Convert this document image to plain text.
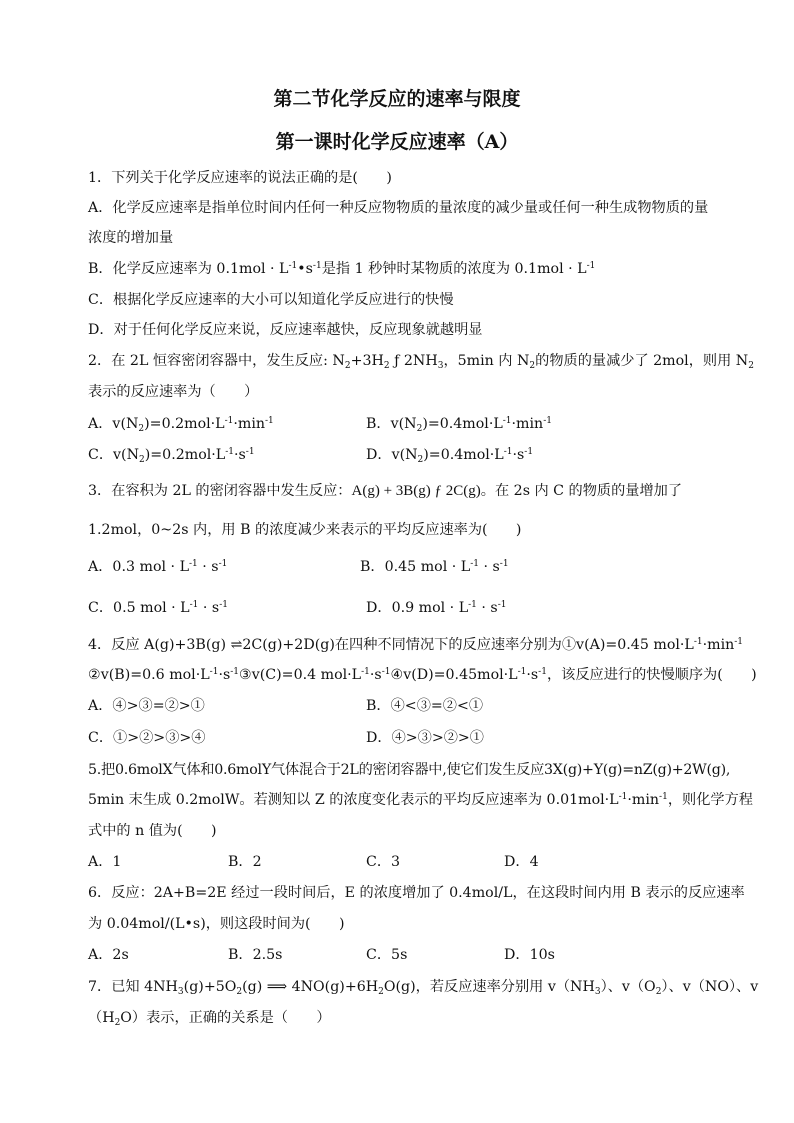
第二节化学反应的速率与限度
第一课时化学反应速率（A）
1．下列关于化学反应速率的说法正确的是(　　)
A．化学反应速率是指单位时间内任何一种反应物物质的量浓度的减少量或任何一种生成物物质的量
浓度的增加量
B．化学反应速率为 $0.1mol \cdot L^{-1}•s^{-1}$是指 1 秒钟时某物质的浓度为 $0.1mol \cdot L^{-1}$
C．根据化学反应速率的大小可以知道化学反应进行的快慢
D．对于任何化学反应来说，反应速率越快，反应现象就越明显
2．在 2L 恒容密闭容器中，发生反应: $N_2+3H_2$ ƒ $2NH_3$，5min 内 $N_2$的物质的量减少了 2mol，则用 $N_2$
表示的反应速率为（　　）
A．$v(N_2)=0.2mol\cdot L^{-1}\cdot\min^{-1}$	B．$v(N_2)=0.4mol\cdot L^{-1}\cdot\min^{-1}$
C．$v(N_2)=0.2mol\cdot L^{-1}\cdot s^{-1}$	D．$v(N_2)=0.4mol\cdot L^{-1}\cdot s^{-1}$
3．在容积为 2L 的密闭容器中发生反应：A(g) + 3B(g) ƒ 2C(g)。在 2s 内 C 的物质的量增加了
1.2mol，0~2s 内，用 B 的浓度减少来表示的平均反应速率为(　　)
A．0.3 mol · $L^{-1} \cdot s^{-1}$	B．0.45 mol · $L^{-1} \cdot s^{-1}$
C．0.5 mol · $L^{-1} \cdot s^{-1}$	D．0.9 mol · $L^{-1} \cdot s^{-1}$
4．反应 A(g)+3B(g) ⇌2C(g)+2D(g)在四种不同情况下的反应速率分别为①v(A)=0.45 $mol\cdot L^{-1}\cdot\min^{-1}$
②v(B)=0.6 $mol\cdot L^{-1}\cdot s^{-1}③v(C)=0.4$ $mol\cdot L^{-1}\cdot s^{-1}④v(D)=0.45mol\cdot L^{-1}\cdot s^{-1}$，该反应进行的快慢顺序为(　　)
A．④>③=②>①	B．④<③=②<①
C．①>②>③>④	D．④>③>②>①
5.把0.6molX气体和0.6molY气体混合于2L的密闭容器中,使它们发生反应3X(g)+Y(g)=nZ(g)+2W(g),
5min 末生成 0.2molW。若测知以 Z 的浓度变化表示的平均反应速率为 $0.01mol\cdot L^{-1}\cdot\min^{-1}$，则化学方程
式中的 n 值为(　　)
A．1	B．2	C．3	D．4
6．反应：2A+B=2E 经过一段时间后，E 的浓度增加了 0.4mol/L，在这段时间内用 B 表示的反应速率
为 0.04mol/(L•s)，则这段时间为(　　)
A．2s	B．2.5s	C．5s	D．10s
7．已知 $4NH_3(g)+5O_2(g)$ ⟹ $4NO(g)+6H_2O(g)$，若反应速率分别用 $v(NH_3)$、$v(O_2)$、v（NO）、v
$(H_2O)$表示，正确的关系是（　　）
